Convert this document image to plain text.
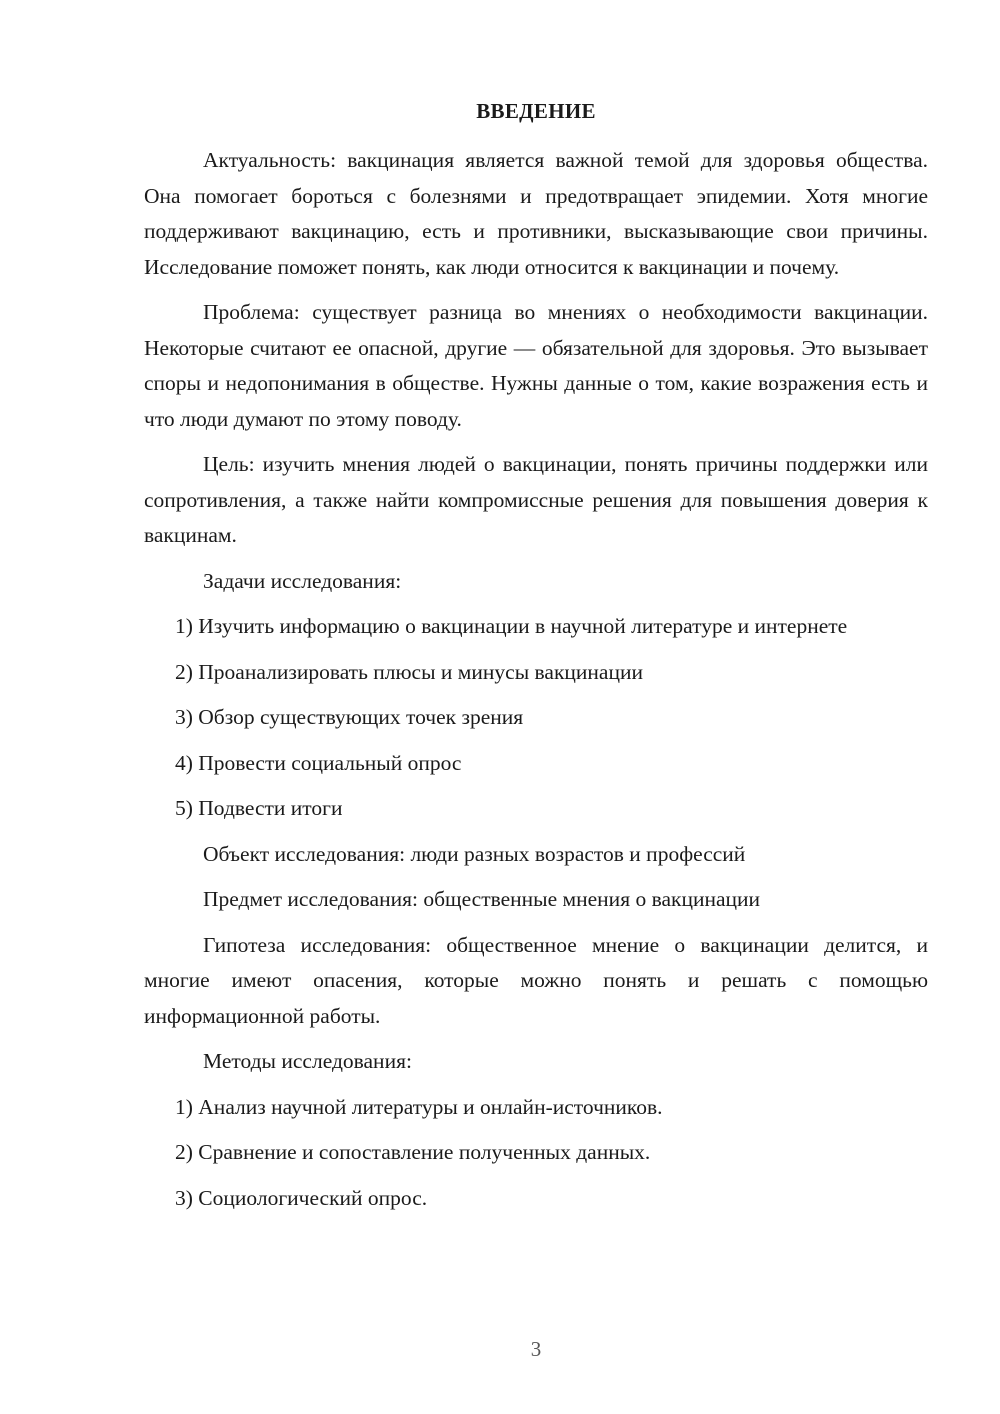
ВВЕДЕНИЕ

Актуальность: вакцинация является важной темой для здоровья общества. Она помогает бороться с болезнями и предотвращает эпидемии. Хотя многие поддерживают вакцинацию, есть и противники, высказывающие свои причины. Исследование поможет понять, как люди относится к вакцинации и почему.

Проблема: существует разница во мнениях о необходимости вакцинации. Некоторые считают ее опасной, другие — обязательной для здоровья. Это вызывает споры и недопонимания в обществе. Нужны данные о том, какие возражения есть и что люди думают по этому поводу.

Цель: изучить мнения людей о вакцинации, понять причины поддержки или сопротивления, а также найти компромиссные решения для повышения доверия к вакцинам.

Задачи исследования:

1) Изучить информацию о вакцинации в научной литературе и интернете

2) Проанализировать плюсы и минусы вакцинации

3) Обзор существующих точек зрения

4) Провести социальный опрос

5) Подвести итоги

Объект исследования: люди разных возрастов и профессий

Предмет исследования: общественные мнения о вакцинации

Гипотеза исследования: общественное мнение о вакцинации делится, и многие имеют опасения, которые можно понять и решать с помощью информационной работы.

Методы исследования:

1) Анализ научной литературы и онлайн-источников.

2) Сравнение и сопоставление полученных данных.

3) Социологический опрос.

3
